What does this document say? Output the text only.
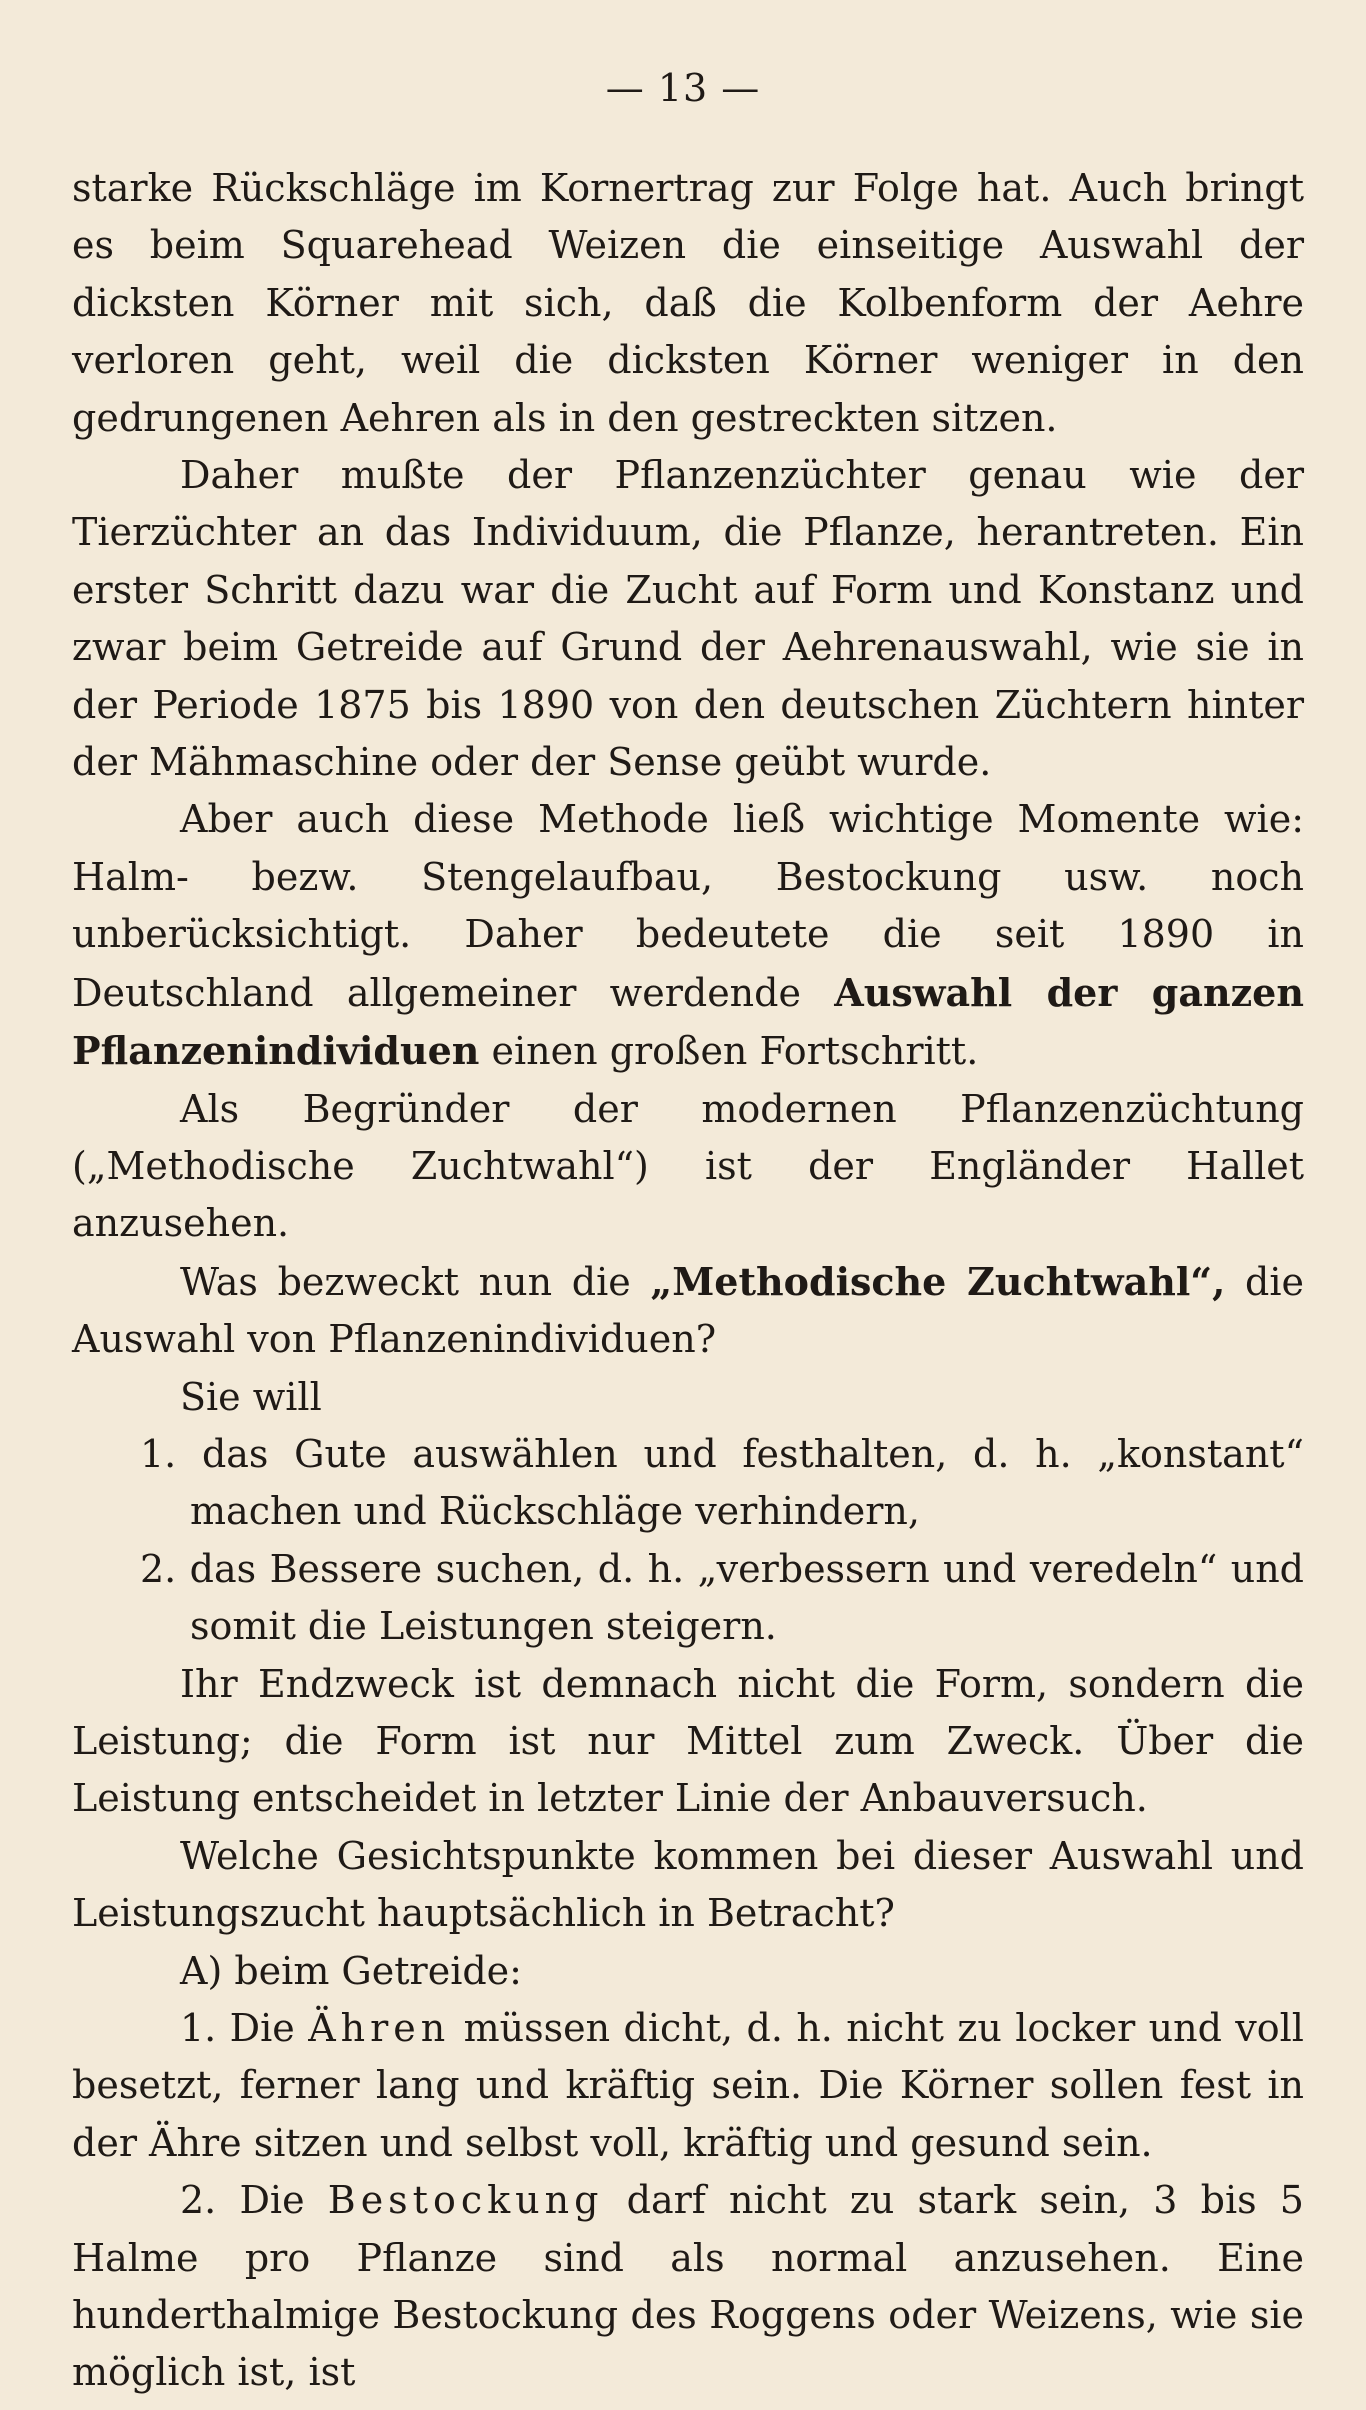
— 13 —

starke Rückschläge im Kornertrag zur Folge hat. Auch bringt es beim Squarehead Weizen die einseitige Auswahl der dicksten Körner mit sich, daß die Kolbenform der Aehre verloren geht, weil die dicksten Körner weniger in den gedrungenen Aehren als in den gestreckten sitzen.

Daher mußte der Pflanzenzüchter genau wie der Tierzüchter an das Individuum, die Pflanze, herantreten. Ein erster Schritt dazu war die Zucht auf Form und Konstanz und zwar beim Getreide auf Grund der Aehrenauswahl, wie sie in der Periode 1875 bis 1890 von den deutschen Züchtern hinter der Mähmaschine oder der Sense geübt wurde.

Aber auch diese Methode ließ wichtige Momente wie: Halm- bezw. Stengelaufbau, Bestockung usw. noch unberücksichtigt. Daher bedeutete die seit 1890 in Deutschland allgemeiner werdende Auswahl der ganzen Pflanzenindividuen einen großen Fortschritt.

Als Begründer der modernen Pflanzenzüchtung („Methodische Zuchtwahl“) ist der Engländer Hallet anzusehen.

Was bezweckt nun die „Methodische Zuchtwahl“, die Auswahl von Pflanzenindividuen?

Sie will

1. das Gute auswählen und festhalten, d. h. „konstant“ machen und Rückschläge verhindern,

2. das Bessere suchen, d. h. „verbessern und veredeln“ und somit die Leistungen steigern.

Ihr Endzweck ist demnach nicht die Form, sondern die Leistung; die Form ist nur Mittel zum Zweck. Über die Leistung entscheidet in letzter Linie der Anbauversuch.

Welche Gesichtspunkte kommen bei dieser Auswahl und Leistungszucht hauptsächlich in Betracht?

A) beim Getreide:

1. Die Ähren müssen dicht, d. h. nicht zu locker und voll besetzt, ferner lang und kräftig sein. Die Körner sollen fest in der Ähre sitzen und selbst voll, kräftig und gesund sein.

2. Die Bestockung darf nicht zu stark sein, 3 bis 5 Halme pro Pflanze sind als normal anzusehen. Eine hunderthalmige Bestockung des Roggens oder Weizens, wie sie möglich ist, ist
